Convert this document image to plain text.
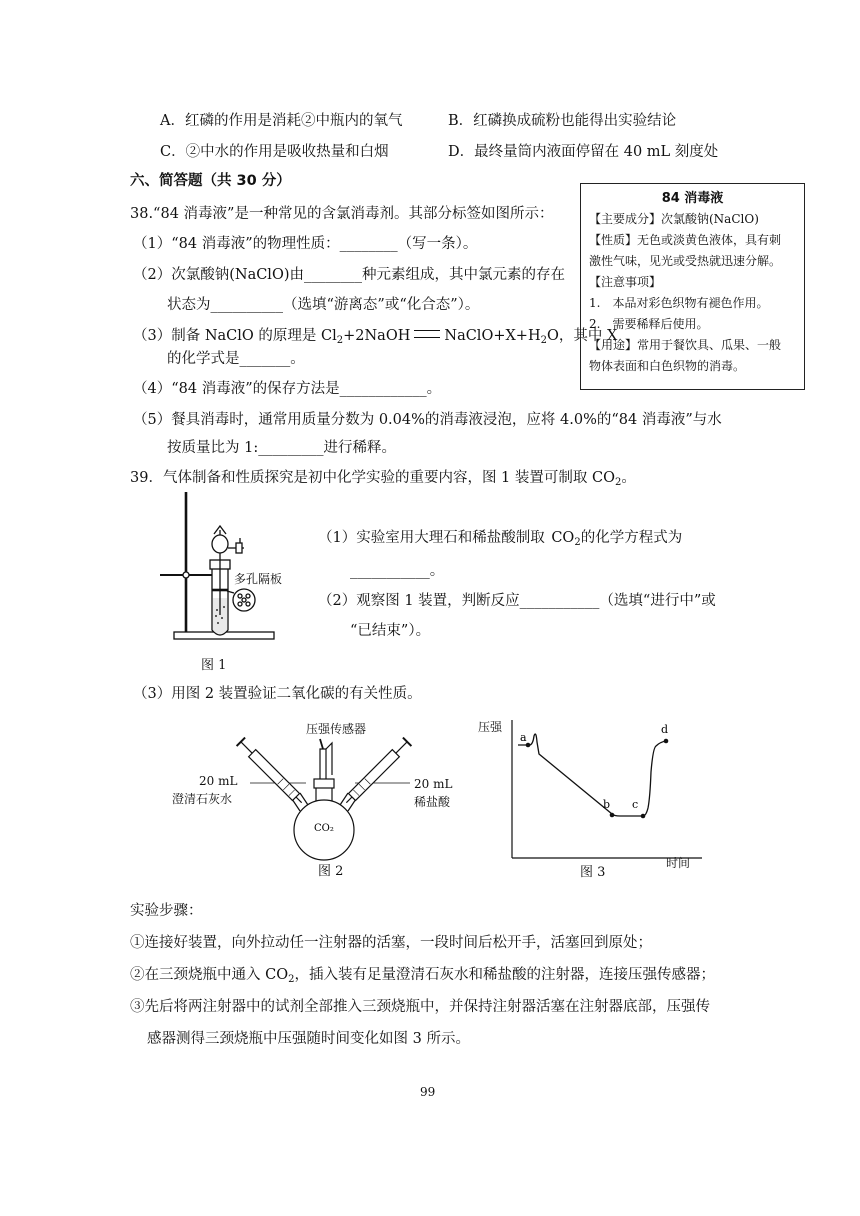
A．红磷的作用是消耗②中瓶内的氧气	B．红磷换成硫粉也能得出实验结论
C．②中水的作用是吸收热量和白烟	D．最终量筒内液面停留在 40 mL 刻度处
六、简答题（共 30 分）
38.“84 消毒液”是一种常见的含氯消毒剂。其部分标签如图所示：
（1）“84 消毒液”的物理性质：________（写一条）。
（2）次氯酸钠(NaClO)由________种元素组成，其中氯元素的存在
状态为__________（选填“游离态”或“化合态”）。
（3）制备 NaClO 的原理是 $Cl_2+2NaOH$ $NaClO+X+H_2O$，其中 X
的化学式是_______。
（4）“84 消毒液”的保存方法是____________。
（5）餐具消毒时，通常用质量分数为 0.04%的消毒液浸泡，应将 4.0%的“84 消毒液”与水
按质量比为 1:_________进行稀释。
84 消毒液
【主要成分】次氯酸钠(NaClO)
【性质】无色或淡黄色液体，具有刺
激性气味，见光或受热就迅速分解。
【注意事项】
1.　本品对彩色织物有褪色作用。
2.　需要稀释后使用。
【用途】常用于餐饮具、瓜果、一般
物体表面和白色织物的消毒。
39．气体制备和性质探究是初中化学实验的重要内容，图 1 装置可制取 $CO_2$。
（1）实验室用大理石和稀盐酸制取 $CO_2$的化学方程式为
___________。
（2）观察图 1 装置，判断反应___________（选填“进行中”或
“已结束”）。
多孔隔板
图 1
（3）用图 2 装置验证二氧化碳的有关性质。
CO₂
压强传感器
20 mL
澄清石灰水
20 mL
稀盐酸
图 2
a
b c
d
压强
时间
图 3
实验步骤：
①连接好装置，向外拉动任一注射器的活塞，一段时间后松开手，活塞回到原处；
②在三颈烧瓶中通入 $CO_2$，插入装有足量澄清石灰水和稀盐酸的注射器，连接压强传感器；
③先后将两注射器中的试剂全部推入三颈烧瓶中，并保持注射器活塞在注射器底部，压强传
感器测得三颈烧瓶中压强随时间变化如图 3 所示。
99
